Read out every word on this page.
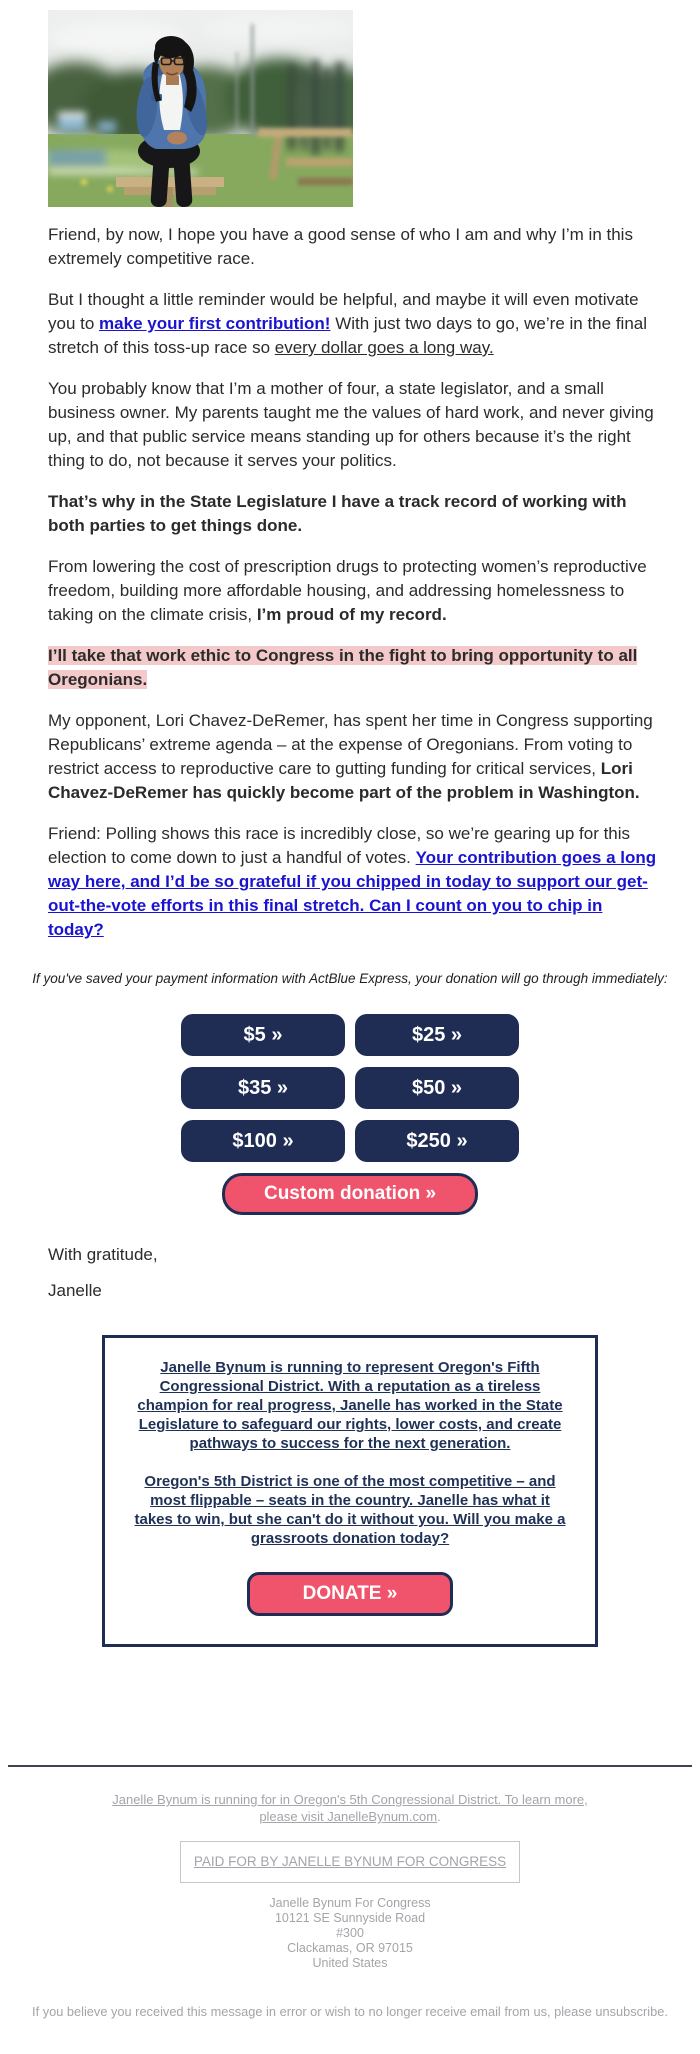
Friend, by now, I hope you have a good sense of who I am and why I’m in this extremely competitive race.

But I thought a little reminder would be helpful, and maybe it will even motivate you to make your first contribution! With just two days to go, we’re in the final stretch of this toss-up race so every dollar goes a long way.

You probably know that I’m a mother of four, a state legislator, and a small business owner. My parents taught me the values of hard work, and never giving up, and that public service means standing up for others because it’s the right thing to do, not because it serves your politics.

That’s why in the State Legislature I have a track record of working with both parties to get things done.

From lowering the cost of prescription drugs to protecting women’s reproductive freedom, building more affordable housing, and addressing homelessness to taking on the climate crisis, I’m proud of my record.

I’ll take that work ethic to Congress in the fight to bring opportunity to all Oregonians.

My opponent, Lori Chavez-DeRemer, has spent her time in Congress supporting Republicans’ extreme agenda – at the expense of Oregonians. From voting to restrict access to reproductive care to gutting funding for critical services, Lori Chavez-DeRemer has quickly become part of the problem in Washington.

Friend: Polling shows this race is incredibly close, so we’re gearing up for this election to come down to just a handful of votes. Your contribution goes a long way here, and I’d be so grateful if you chipped in today to support our get-out-the-vote efforts in this final stretch. Can I count on you to chip in today?

If you've saved your payment information with ActBlue Express, your donation will go through immediately:
$5 »	$25 »
$35 »	$50 »
$100 »	$250 »
Custom donation »

With gratitude,

Janelle

Janelle Bynum is running to represent Oregon's Fifth Congressional District. With a reputation as a tireless champion for real progress, Janelle has worked in the State Legislature to safeguard our rights, lower costs, and create pathways to success for the next generation.

Oregon's 5th District is one of the most competitive – and most flippable – seats in the country. Janelle has what it takes to win, but she can't do it without you. Will you make a grassroots donation today?

DONATE »
Janelle Bynum is running for in Oregon's 5th Congressional District. To learn more, please visit JanelleBynum.com.
PAID FOR BY JANELLE BYNUM FOR CONGRESS
Janelle Bynum For Congress
10121 SE Sunnyside Road
#300
Clackamas, OR 97015
United States
If you believe you received this message in error or wish to no longer receive email from us, please unsubscribe.
